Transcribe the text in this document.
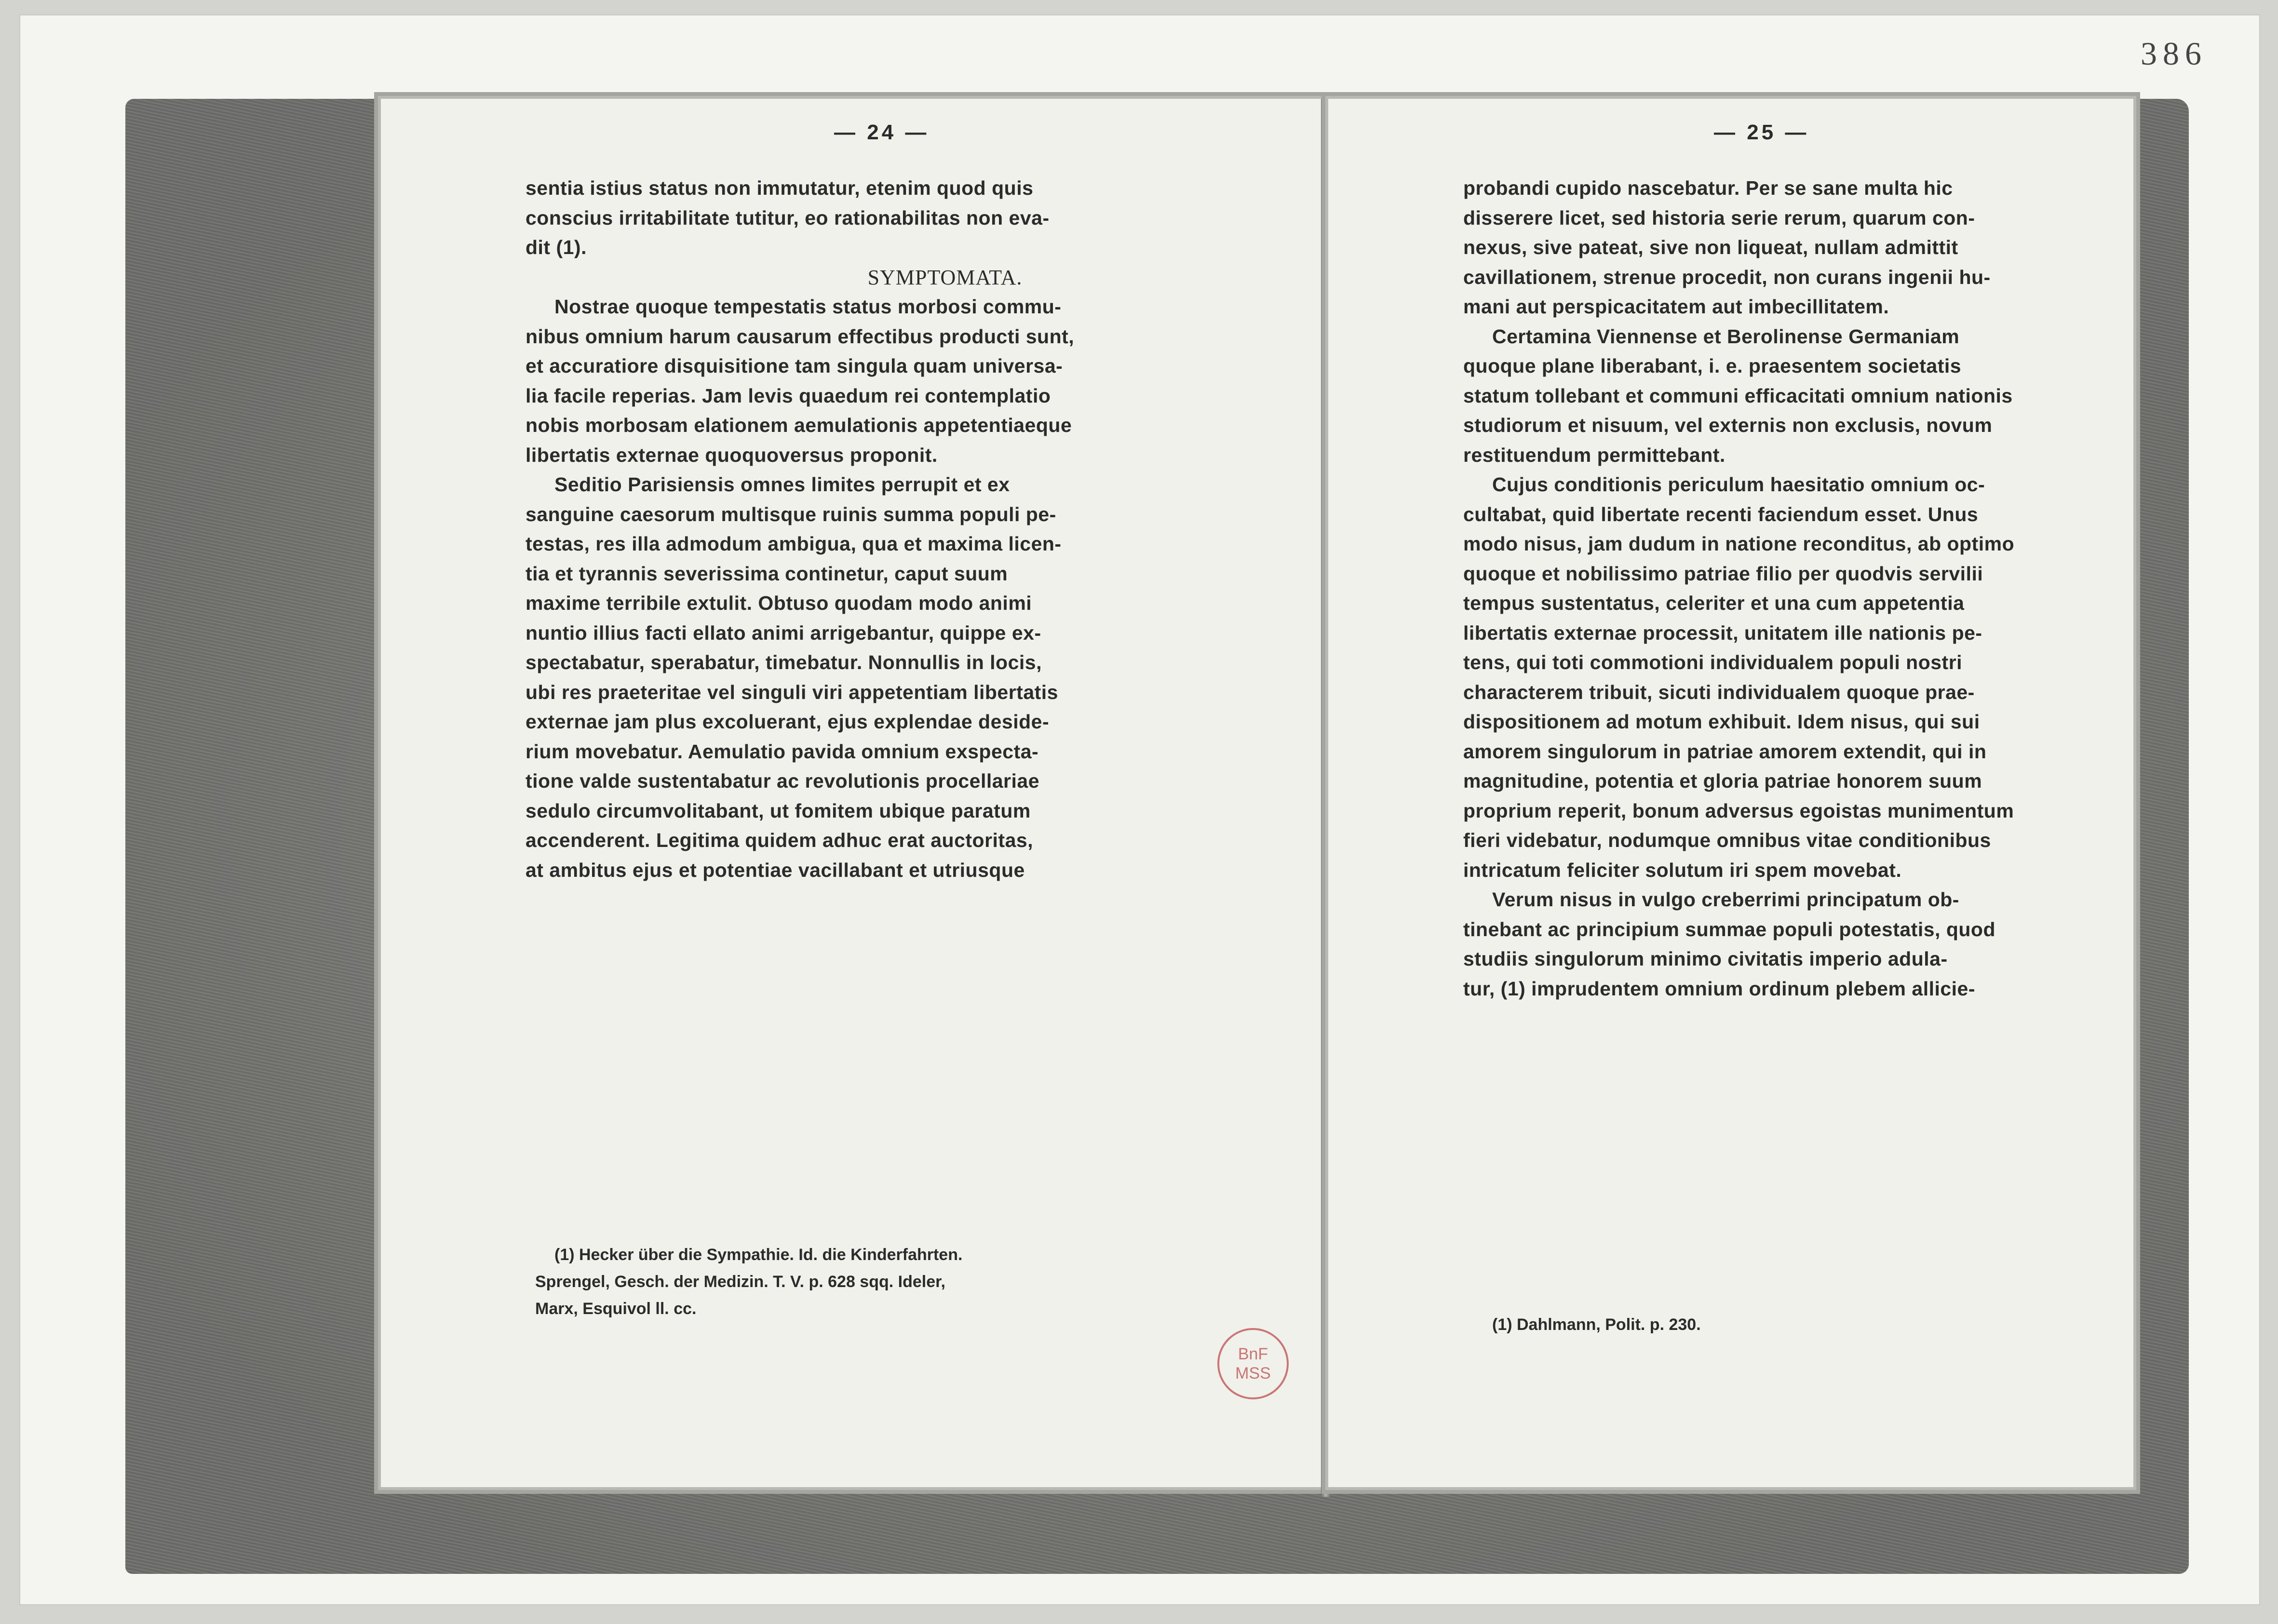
386
— 24 —
sentia istius status non immutatur, etenim quod quis
conscius irritabilitate tutitur, eo rationabilitas non eva-
dit (1).
SYMPTOMATA.
Nostrae quoque tempestatis status morbosi commu-
nibus omnium harum causarum effectibus producti sunt,
et accuratiore disquisitione tam singula quam universa-
lia facile reperias. Jam levis quaedum rei contemplatio
nobis morbosam elationem aemulationis appetentiaeque
libertatis externae quoquoversus proponit.
Seditio Parisiensis omnes limites perrupit et ex
sanguine caesorum multisque ruinis summa populi pe-
testas, res illa admodum ambigua, qua et maxima licen-
tia et tyrannis severissima continetur, caput suum
maxime terribile extulit. Obtuso quodam modo animi
nuntio illius facti ellato animi arrigebantur, quippe ex-
spectabatur, sperabatur, timebatur. Nonnullis in locis,
ubi res praeteritae vel singuli viri appetentiam libertatis
externae jam plus excoluerant, ejus explendae deside-
rium movebatur. Aemulatio pavida omnium exspecta-
tione valde sustentabatur ac revolutionis procellariae
sedulo circumvolitabant, ut fomitem ubique paratum
accenderent. Legitima quidem adhuc erat auctoritas,
at ambitus ejus et potentiae vacillabant et utriusque
(1) Hecker über die Sympathie. Id. die Kinderfahrten.
Sprengel, Gesch. der Medizin. T. V. p. 628 sqq. Ideler,
Marx, Esquivol ll. cc.
— 25 —
probandi cupido nascebatur. Per se sane multa hic
disserere licet, sed historia serie rerum, quarum con-
nexus, sive pateat, sive non liqueat, nullam admittit
cavillationem, strenue procedit, non curans ingenii hu-
mani aut perspicacitatem aut imbecillitatem.
Certamina Viennense et Berolinense Germaniam
quoque plane liberabant, i. e. praesentem societatis
statum tollebant et communi efficacitati omnium nationis
studiorum et nisuum, vel externis non exclusis, novum
restituendum permittebant.
Cujus conditionis periculum haesitatio omnium oc-
cultabat, quid libertate recenti faciendum esset. Unus
modo nisus, jam dudum in natione reconditus, ab optimo
quoque et nobilissimo patriae filio per quodvis servilii
tempus sustentatus, celeriter et una cum appetentia
libertatis externae processit, unitatem ille nationis pe-
tens, qui toti commotioni individualem populi nostri
characterem tribuit, sicuti individualem quoque prae-
dispositionem ad motum exhibuit. Idem nisus, qui sui
amorem singulorum in patriae amorem extendit, qui in
magnitudine, potentia et gloria patriae honorem suum
proprium reperit, bonum adversus egoistas munimentum
fieri videbatur, nodumque omnibus vitae conditionibus
intricatum feliciter solutum iri spem movebat.
Verum nisus in vulgo creberrimi principatum ob-
tinebant ac principium summae populi potestatis, quod
studiis singulorum minimo civitatis imperio adula-
tur, (1) imprudentem omnium ordinum plebem allicie-
(1) Dahlmann, Polit. p. 230.
BnF
MSS
